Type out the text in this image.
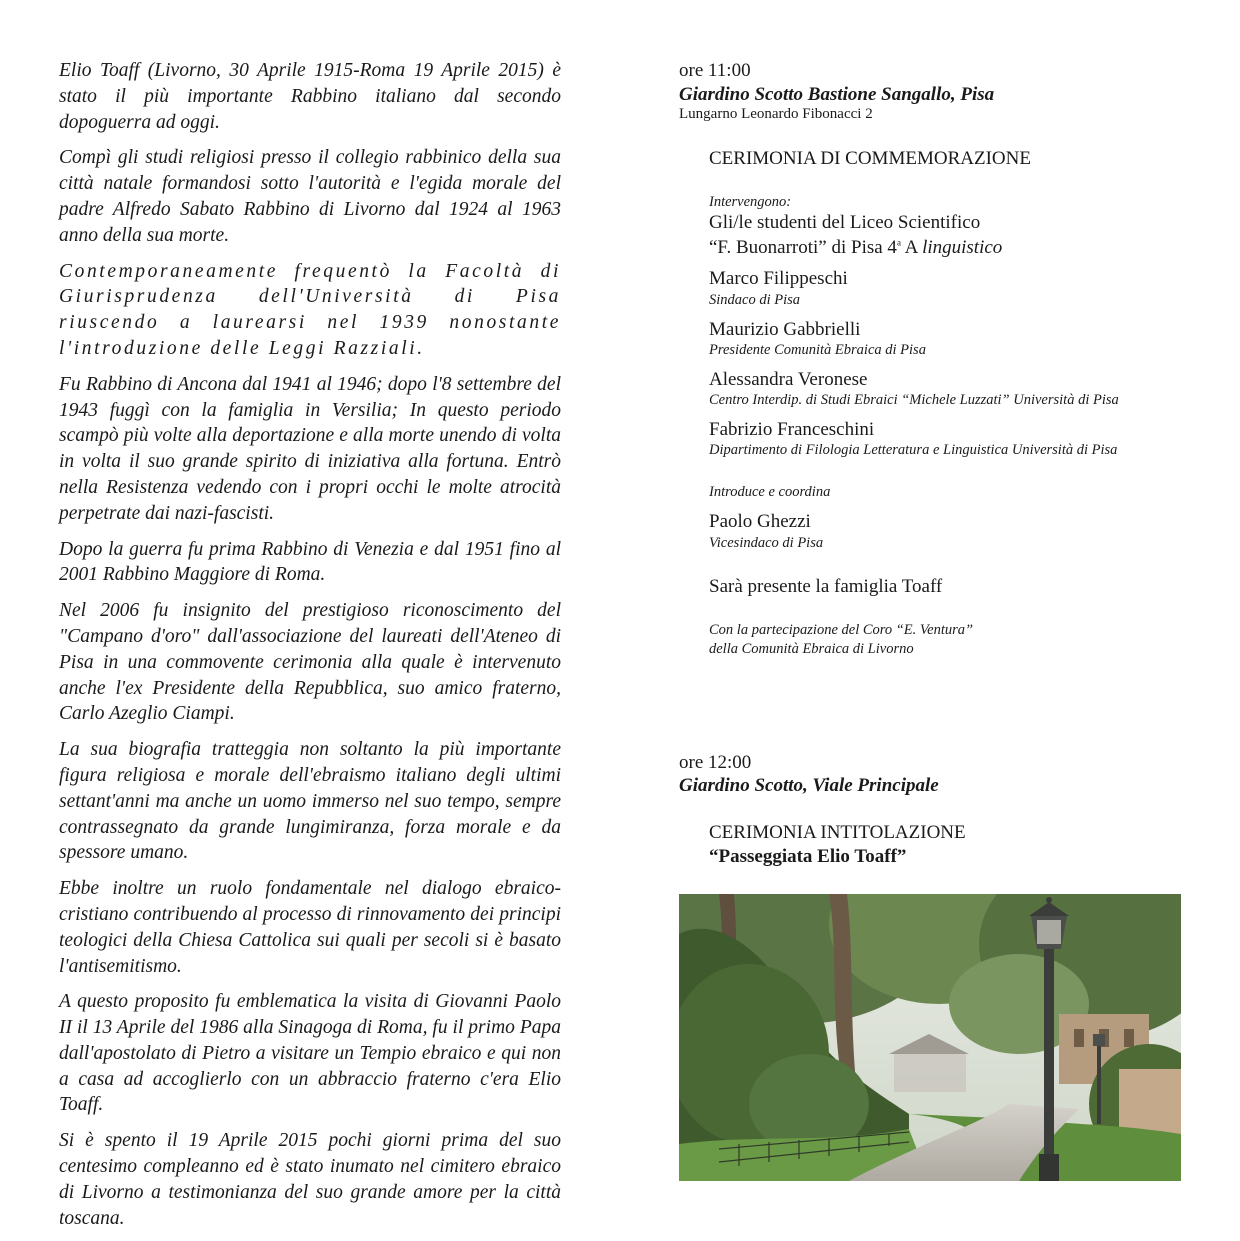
Elio Toaff (Livorno, 30 Aprile 1915-Roma 19 Aprile 2015) è stato il più importante Rabbino italiano dal secondo dopoguerra ad oggi.

Compì gli studi religiosi presso il collegio rabbinico della sua città natale formandosi sotto l'autorità e l'egida morale del padre Alfredo Sabato Rabbino di Livorno dal 1924 al 1963 anno della sua morte.

Contemporaneamente frequentò la Facoltà di Giurisprudenza dell'Università di Pisa riuscendo a laurearsi nel 1939 nonostante l'introduzione delle Leggi Razziali.

Fu Rabbino di Ancona dal 1941 al 1946; dopo l'8 settembre del 1943 fuggì con la famiglia in Versilia; In questo periodo scampò più volte alla deportazione e alla morte unendo di volta in volta il suo grande spirito di iniziativa alla fortuna. Entrò nella Resistenza vedendo con i propri occhi le molte atrocità perpetrate dai nazi-fascisti.

Dopo la guerra fu prima Rabbino di Venezia e dal 1951 fino al 2001 Rabbino Maggiore di Roma.

Nel 2006 fu insignito del prestigioso riconoscimento del "Campano d'oro" dall'associazione del laureati dell'Ateneo di Pisa in una commovente cerimonia alla quale è intervenuto anche l'ex Presidente della Repubblica, suo amico fraterno, Carlo Azeglio Ciampi.

La sua biografia tratteggia non soltanto la più importante figura religiosa e morale dell'ebraismo italiano degli ultimi settant'anni ma anche un uomo immerso nel suo tempo, sempre contrassegnato da grande lungimiranza, forza morale e da spessore umano.

Ebbe inoltre un ruolo fondamentale nel dialogo ebraico-cristiano contribuendo al processo di rinnovamento dei principi teologici della Chiesa Cattolica sui quali per secoli si è basato l'antisemitismo.

A questo proposito fu emblematica la visita di Giovanni Paolo II il 13 Aprile del 1986 alla Sinagoga di Roma, fu il primo Papa dall'apostolato di Pietro a visitare un Tempio ebraico e qui non a casa ad accoglierlo con un abbraccio fraterno c'era Elio Toaff.

Si è spento il 19 Aprile 2015 pochi giorni prima del suo centesimo compleanno ed è stato inumato nel cimitero ebraico di Livorno a testimonianza del suo grande amore per la città toscana.

ore 11:00
Giardino Scotto Bastione Sangallo, Pisa
Lungarno Leonardo Fibonacci 2
CERIMONIA DI COMMEMORAZIONE
Intervengono:
Gli/le studenti del Liceo Scientifico
“F. Buonarroti” di Pisa 4$^a$ A linguistico
Marco Filippeschi
Sindaco di Pisa
Maurizio Gabbrielli
Presidente Comunità Ebraica di Pisa
Alessandra Veronese
Centro Interdip. di Studi Ebraici “Michele Luzzati” Università di Pisa
Fabrizio Franceschini
Dipartimento di Filologia Letteratura e Linguistica Università di Pisa
Introduce e coordina
Paolo Ghezzi
Vicesindaco di Pisa
Sarà presente la famiglia Toaff
Con la partecipazione del Coro “E. Ventura”
della Comunità Ebraica di Livorno
ore 12:00
Giardino Scotto, Viale Principale
CERIMONIA INTITOLAZIONE
“Passeggiata Elio Toaff”
